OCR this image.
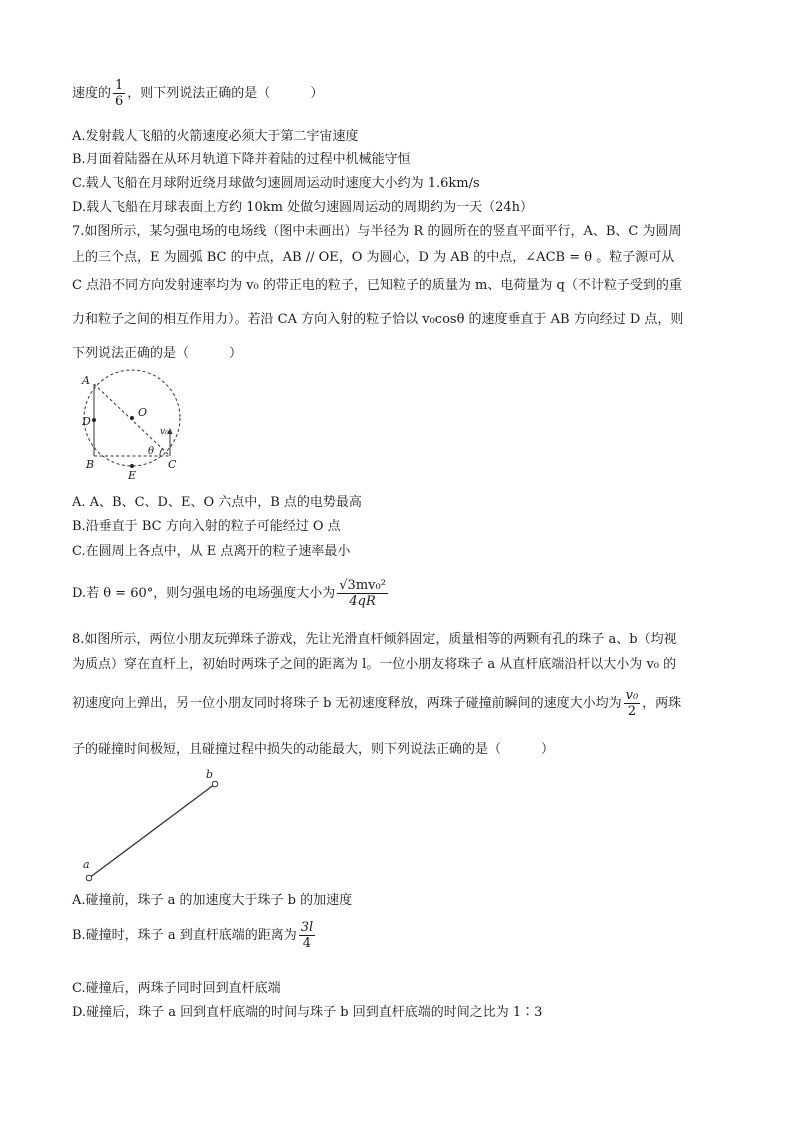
速度的 $\frac{1}{6}$ ，则下列说法正确的是（	）
A.发射载人飞船的火箭速度必须大于第二宇宙速度
B.月面着陆器在从环月轨道下降并着陆的过程中机械能守恒
C.载人飞船在月球附近绕月球做匀速圆周运动时速度大小约为 1.6km/s
D.载人飞船在月球表面上方约 10km 处做匀速圆周运动的周期约为一天（24h）
7.如图所示，某匀强电场的电场线（图中未画出）与半径为 R 的圆所在的竖直平面平行，A、B、C 为圆周
上的三个点，E 为圆弧 BC 的中点，AB // OE，O 为圆心，D 为 AB 的中点，∠ACB = θ 。粒子源可从
C 点沿不同方向发射速率均为 v₀ 的带正电的粒子，已知粒子的质量为 m、电荷量为 q（不计粒子受到的重
力和粒子之间的相互作用力）。若沿 CA 方向入射的粒子恰以 v₀cosθ 的速度垂直于 AB 方向经过 D 点，则
下列说法正确的是（	）
A
D
O
v₀
θ
B	C
E
A. A、B、C、D、E、O 六点中，B 点的电势最高
B.沿垂直于 BC 方向入射的粒子可能经过 O 点
C.在圆周上各点中，从 E 点离开的粒子速率最小
D.若 θ = 60°，则匀强电场的电场强度大小为 $\frac{\text{√3mv₀²}}{4qR}$
8.如图所示，两位小朋友玩弹珠子游戏，先让光滑直杆倾斜固定，质量相等的两颗有孔的珠子 a、b（均视
为质点）穿在直杆上，初始时两珠子之间的距离为 l。一位小朋友将珠子 a 从直杆底端沿杆以大小为 v₀ 的
初速度向上弹出，另一位小朋友同时将珠子 b 无初速度释放，两珠子碰撞前瞬间的速度大小均为 $\frac{\text{v₀}}{2}$ ，两珠
子的碰撞时间极短，且碰撞过程中损失的动能最大，则下列说法正确的是（	）
a
b
A.碰撞前，珠子 a 的加速度大于珠子 b 的加速度
B.碰撞时，珠子 a 到直杆底端的距离为 $\frac{3l}{4}$
C.碰撞后，两珠子同时回到直杆底端
D.碰撞后，珠子 a 回到直杆底端的时间与珠子 b 回到直杆底端的时间之比为 1∶3
